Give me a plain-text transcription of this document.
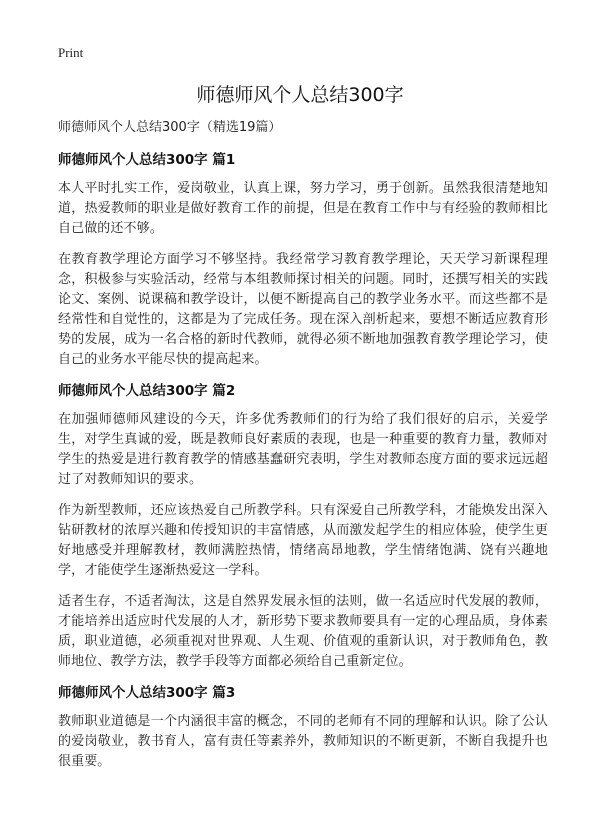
Print
师德师风个人总结300字

师德师风个人总结300字（精选19篇）

师德师风个人总结300字 篇1

本人平时扎实工作，爱岗敬业，认真上课，努力学习，勇于创新。虽然我很清楚地知道，热爱教师的职业是做好教育工作的前提，但是在教育工作中与有经验的教师相比自己做的还不够。

在教育教学理论方面学习不够坚持。我经常学习教育教学理论，天天学习新课程理念，积极参与实验活动，经常与本组教师探讨相关的问题。同时，还撰写相关的实践论文、案例、说课稿和教学设计，以便不断提高自己的教学业务水平。而这些都不是经常性和自觉性的，这都是为了完成任务。现在深入剖析起来，要想不断适应教育形势的发展，成为一名合格的新时代教师，就得必须不断地加强教育教学理论学习，使自己的业务水平能尽快的提高起来。

师德师风个人总结300字 篇2

在加强师德师风建设的今天，许多优秀教师们的行为给了我们很好的启示，关爱学生，对学生真诚的爱，既是教师良好素质的表现，也是一种重要的教育力量，教师对学生的热爱是进行教育教学的情感基蠢研究表明，学生对教师态度方面的要求远远超过了对教师知识的要求。

作为新型教师，还应该热爱自己所教学科。只有深爱自己所教学科，才能焕发出深入钻研教材的浓厚兴趣和传授知识的丰富情感，从而激发起学生的相应体验，使学生更好地感受并理解教材，教师满腔热情，情绪高昂地教，学生情绪饱满、饶有兴趣地学，才能使学生逐渐热爱这一学科。

适者生存，不适者淘汰，这是自然界发展永恒的法则，做一名适应时代发展的教师，才能培养出适应时代发展的人才，新形势下要求教师要具有一定的心理品质，身体素质，职业道德，必须重视对世界观、人生观、价值观的重新认识，对于教师角色，教师地位、教学方法，教学手段等方面都必须给自己重新定位。

师德师风个人总结300字 篇3

教师职业道德是一个内涵很丰富的概念，不同的老师有不同的理解和认识。除了公认的爱岗敬业，教书育人，富有责任等素养外，教师知识的不断更新，不断自我提升也很重要。
